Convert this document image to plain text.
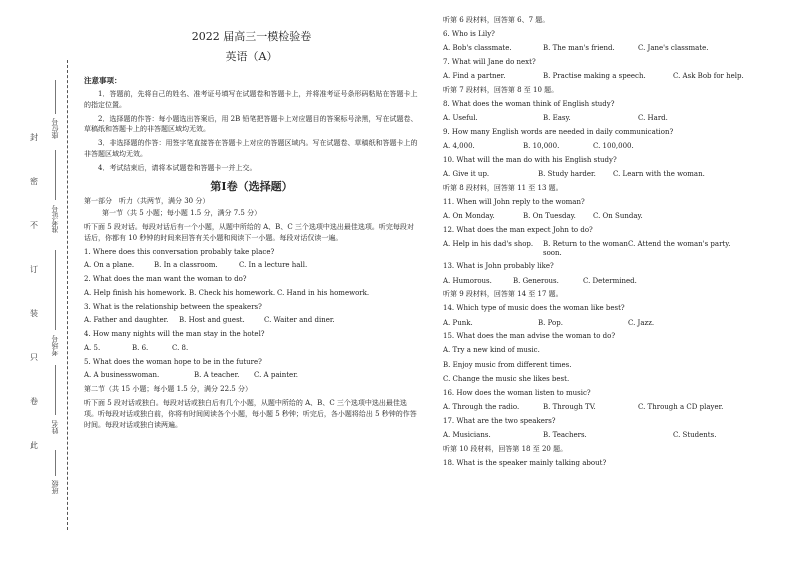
封
密
不
订
装
只
卷
此
座位号
准考证号
考场号
姓名
班级
2022 届高三一模检验卷
英语（A）
注意事项：
1．答题前，先将自己的姓名、准考证号填写在试题卷和答题卡上，并将准考证号条形码粘贴在答题卡上的指定位置。
2．选择题的作答：每小题选出答案后，用 2B 铅笔把答题卡上对应题目的答案标号涂黑，写在试题卷、草稿纸和答题卡上的非答题区域均无效。
3．非选择题的作答：用签字笔直接答在答题卡上对应的答题区域内。写在试题卷、草稿纸和答题卡上的非答题区域均无效。
4．考试结束后，请将本试题卷和答题卡一并上交。
第Ⅰ卷（选择题）
第一部分　听力（共两节，满分 30 分）
第一节（共 5 小题；每小题 1.5 分，满分 7.5 分）
听下面 5 段对话。每段对话后有一个小题，从题中所给的 A、B、C 三个选项中选出最佳选项。听完每段对话后，你都有 10 秒钟的时间来回答有关小题和阅读下一小题。每段对话仅读一遍。
1. Where does this conversation probably take place?
A. On a plane.	B. In a classroom.	C. In a lecture hall.
2. What does the man want the woman to do?
A. Help finish his homework. B. Check his homework. C. Hand in his homework.
3. What is the relationship between the speakers?
A. Father and daughter.	B. Host and guest.	C. Waiter and diner.
4. How many nights will the man stay in the hotel?
A. 5.	B. 6.	C. 8.
5. What does the woman hope to be in the future?
A. A businesswoman.	B. A teacher.	C. A painter.
第二节（共 15 小题；每小题 1.5 分，满分 22.5 分）
听下面 5 段对话或独白。每段对话或独白后有几个小题，从题中所给的 A、B、C 三个选项中选出最佳选项。听每段对话或独白前，你将有时间阅读各个小题，每小题 5 秒钟；听完后，各小题将给出 5 秒钟的作答时间。每段对话或独白读两遍。
听第 6 段材料，回答第 6、7 题。
6. Who is Lily?
A. Bob's classmate.	B. The man's friend.	C. Jane's classmate.
7. What will Jane do next?
A. Find a partner.	B. Practise making a speech.	C. Ask Bob for help.
听第 7 段材料，回答第 8 至 10 题。
8. What does the woman think of English study?
A. Useful.	B. Easy.	C. Hard.
9. How many English words are needed in daily communication?
A. 4,000.	B. 10,000.	C. 100,000.
10. What will the man do with his English study?
A. Give it up.	B. Study harder.	C. Learn with the woman.
听第 8 段材料，回答第 11 至 13 题。
11. When will John reply to the woman?
A. On Monday.	B. On Tuesday.	C. On Sunday.
12. What does the man expect John to do?
A. Help in his dad's shop.	B. Return to the woman soon.
C. Attend the woman's party.
13. What is John probably like?
A. Humorous.	B. Generous.	C. Determined.
听第 9 段材料，回答第 14 至 17 题。
14. Which type of music does the woman like best?
A. Punk.	B. Pop.	C. Jazz.
15. What does the man advise the woman to do?
A. Try a new kind of music.
B. Enjoy music from different times.
C. Change the music she likes best.
16. How does the woman listen to music?
A. Through the radio.	B. Through TV.	C. Through a CD player.
17. What are the two speakers?
A. Musicians.	B. Teachers.	C. Students.
听第 10 段材料，回答第 18 至 20 题。
18. What is the speaker mainly talking about?
